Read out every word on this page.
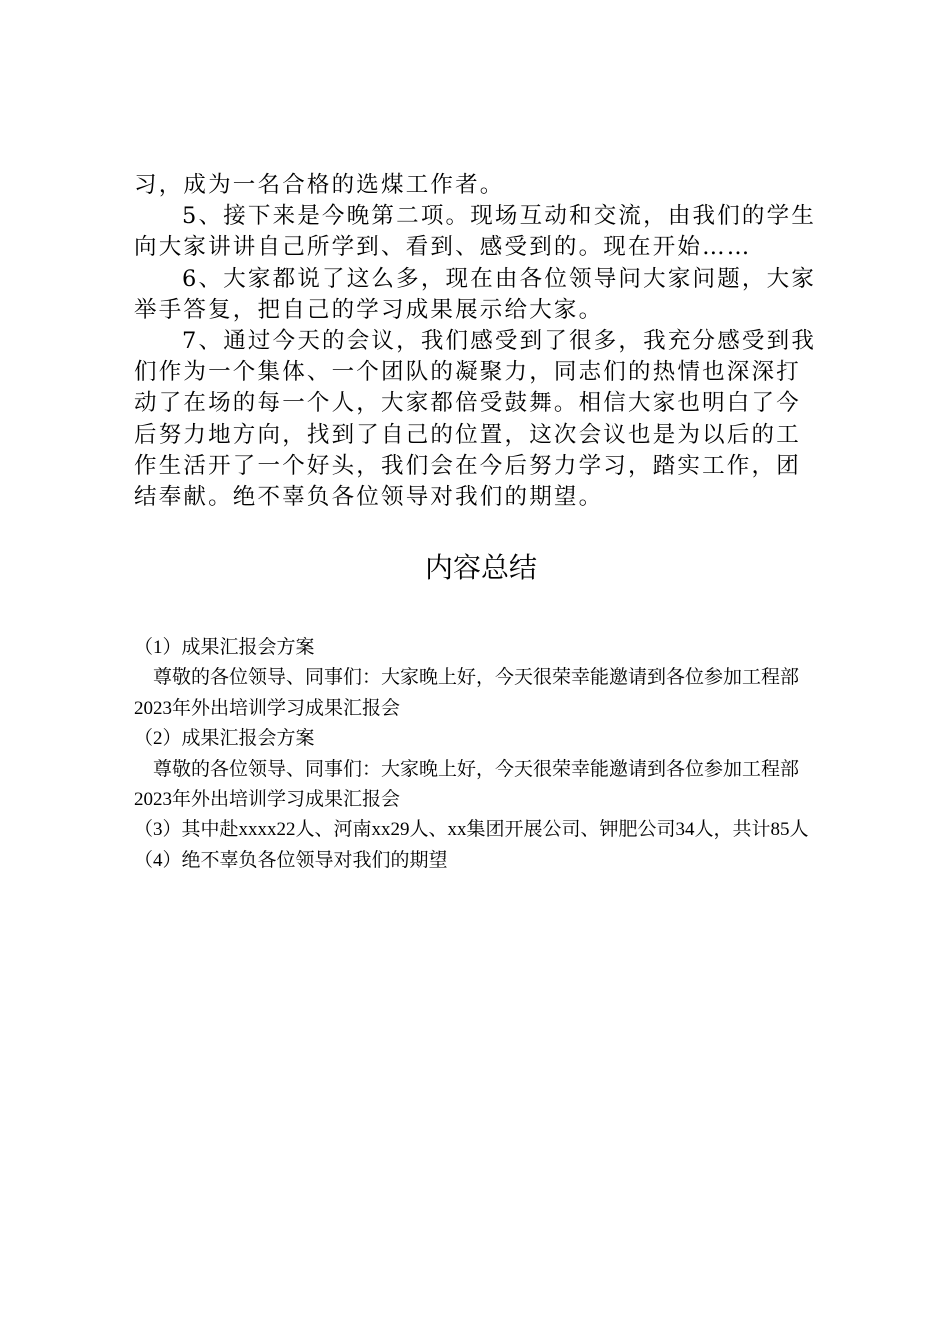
习，成为一名合格的选煤工作者。

5、接下来是今晚第二项。现场互动和交流，由我们的学生向大家讲讲自己所学到、看到、感受到的。现在开始……

6、大家都说了这么多，现在由各位领导问大家问题，大家举手答复，把自己的学习成果展示给大家。

7、通过今天的会议，我们感受到了很多，我充分感受到我们作为一个集体、一个团队的凝聚力，同志们的热情也深深打动了在场的每一个人，大家都倍受鼓舞。相信大家也明白了今后努力地方向，找到了自己的位置，这次会议也是为以后的工作生活开了一个好头，我们会在今后努力学习，踏实工作，团结奉献。绝不辜负各位领导对我们的期望。

内容总结

（1）成果汇报会方案

尊敬的各位领导、同事们：大家晚上好，今天很荣幸能邀请到各位参加工程部2023年外出培训学习成果汇报会

（2）成果汇报会方案

尊敬的各位领导、同事们：大家晚上好，今天很荣幸能邀请到各位参加工程部2023年外出培训学习成果汇报会

（3）其中赴xxxx22人、河南xx29人、xx集团开展公司、钾肥公司34人，共计85人

（4）绝不辜负各位领导对我们的期望
